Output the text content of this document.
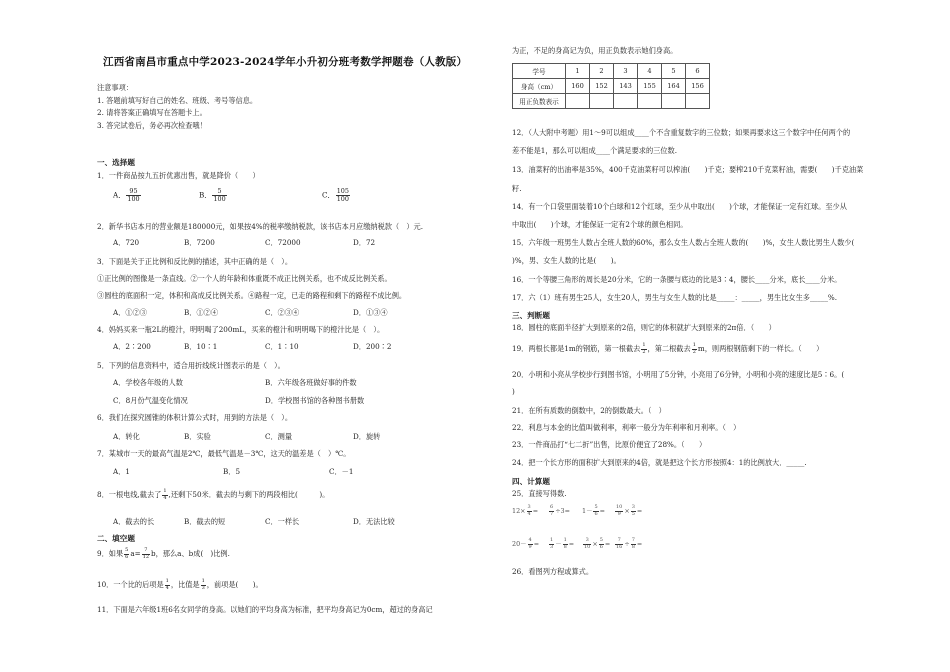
江西省南昌市重点中学2023-2024学年小升初分班考数学押题卷（人教版）
注意事项：
1. 答题前填写好自己的姓名、班级、考号等信息。
2. 请将答案正确填写在答题卡上。
3. 答完试卷后，务必再次检查哦！
一、选择题
1．一件商品按九五折优惠出售，就是降价（　　）
A． $\frac{95}{100}$	B． $\frac{5}{100}$	C． $\frac{105}{100}$
2．新华书店本月的营业额是180000元，如果按4%的税率缴纳税款，该书店本月应缴纳税款（　）元.
A．720	B．7200	C．72000	D．72
3．下面是关于正比例和反比例的描述，其中正确的是（　）。
①正比例的图像是一条直线。②一个人的年龄和体重既不成正比例关系，也不成反比例关系。
③圆柱的底面积一定，体积和高成反比例关系。④路程一定，已走的路程和剩下的路程不成比例。
A．①②③	B．①②④	C．②③④	D．①③④
4．妈妈买来一瓶2L的橙汁，明明喝了200mL，买来的橙汁和明明喝下的橙汁比是（　）。
A．2∶200	B．10∶1	C．1∶10	D．200∶2
5．下列的信息资料中，适合用折线统计图表示的是（　）。
A．学校各年级的人数	B．六年级各班做好事的件数
C．8月份气温变化情况	D．学校图书馆的各种图书册数
6．我们在探究圆锥的体积计算公式时，用到的方法是（　）。
A．转化	B．实验	C．测量	D．旋转
7．某城市一天的最高气温是2℃，最低气温是－3℃，这天的温差是（　）℃。
A．1	B．5	C．－1
8．一根电线,截去了 $\frac{1}{4}$ ,还剩下50米．截去的与剩下的两段相比(　　　)。
A．截去的长	B．截去的短	C．一样长	D．无法比较
二、填空题
9．如果 $\frac{5}{6} a= \frac{7}{12}$ b，那么a、b成(　)比例.
10．一个比的后项是 $\frac{1}{4}$ ，比值是 $\frac{1}{3}$ ，前项是(　　)。
11．下面是六年级1班6名女同学的身高。以她们的平均身高为标准，把平均身高记为0cm，超过的身高记
为正，不足的身高记为负，用正负数表示她们身高。
学号	1	2	3	4	5	6
身高（cm）	160	152	143	155	164	156
用正负数表示						
12．（人大附中考题）用1～9可以组成____个不含重复数字的三位数；如果再要求这三个数字中任何两个的
差不能是1，那么可以组成____个满足要求的三位数.
13．油菜籽的出油率是35%，400千克油菜籽可以榨油(　　)千克；要榨210千克菜籽油，需要(　　)千克油菜
籽.
14．有一个口袋里面装着10个白球和12个红球，至少从中取出(　　)个球，才能保证一定有红球。至少从
中取出(　　)个球，才能保证一定有2个球的颜色相同。
15．六年级一班男生人数占全班人数的60%，那么女生人数占全班人数的(　　)%，女生人数比男生人数少(　
)%，男、女生人数的比是(　　)。
16．一个等腰三角形的周长是20分米，它的一条腰与底边的比是3∶4，腰长____分米，底长____分米。
17．六（1）班有男生25人，女生20人，男生与女生人数的比是_____：_____，男生比女生多_____%.
三、判断题
18．圆柱的底面半径扩大到原来的2倍，则它的体积就扩大到原来的2π倍．（　　）
19．两根长都是1m的钢筋，第一根截去 $\frac{1}{2}$ ，第二根截去 $\frac{1}{2}$ m，则两根钢筋剩下的一样长。（　　）
20．小明和小亮从学校步行到图书馆，小明用了5分钟，小亮用了6分钟，小明和小亮的速度比是5∶6。(
)
21．在所有质数的倒数中，2的倒数最大。（　）
22．利息与本金的比值叫做利率，利率一般分为年利率和月利率。（　）
23．一件商品打“七二折”出售，比原价便宜了28%。（　　）
24．把一个长方形的面积扩大到原来的4倍，就是把这个长方形按照4：1的比例放大．_____.
四、计算题
25．直接写得数.
$12\times \frac{3}{4} = \frac{6}{7} \div 3= 1- \frac{5}{6} = \frac{10}{9} \times \frac{3}{5}$ =
$20- \frac{4}{9} = \frac{1}{3} - \frac{1}{8} = \frac{3}{10} \times \frac{5}{6} = \frac{7}{16} \div \frac{7}{8}$ =
26．看图列方程或算式。
